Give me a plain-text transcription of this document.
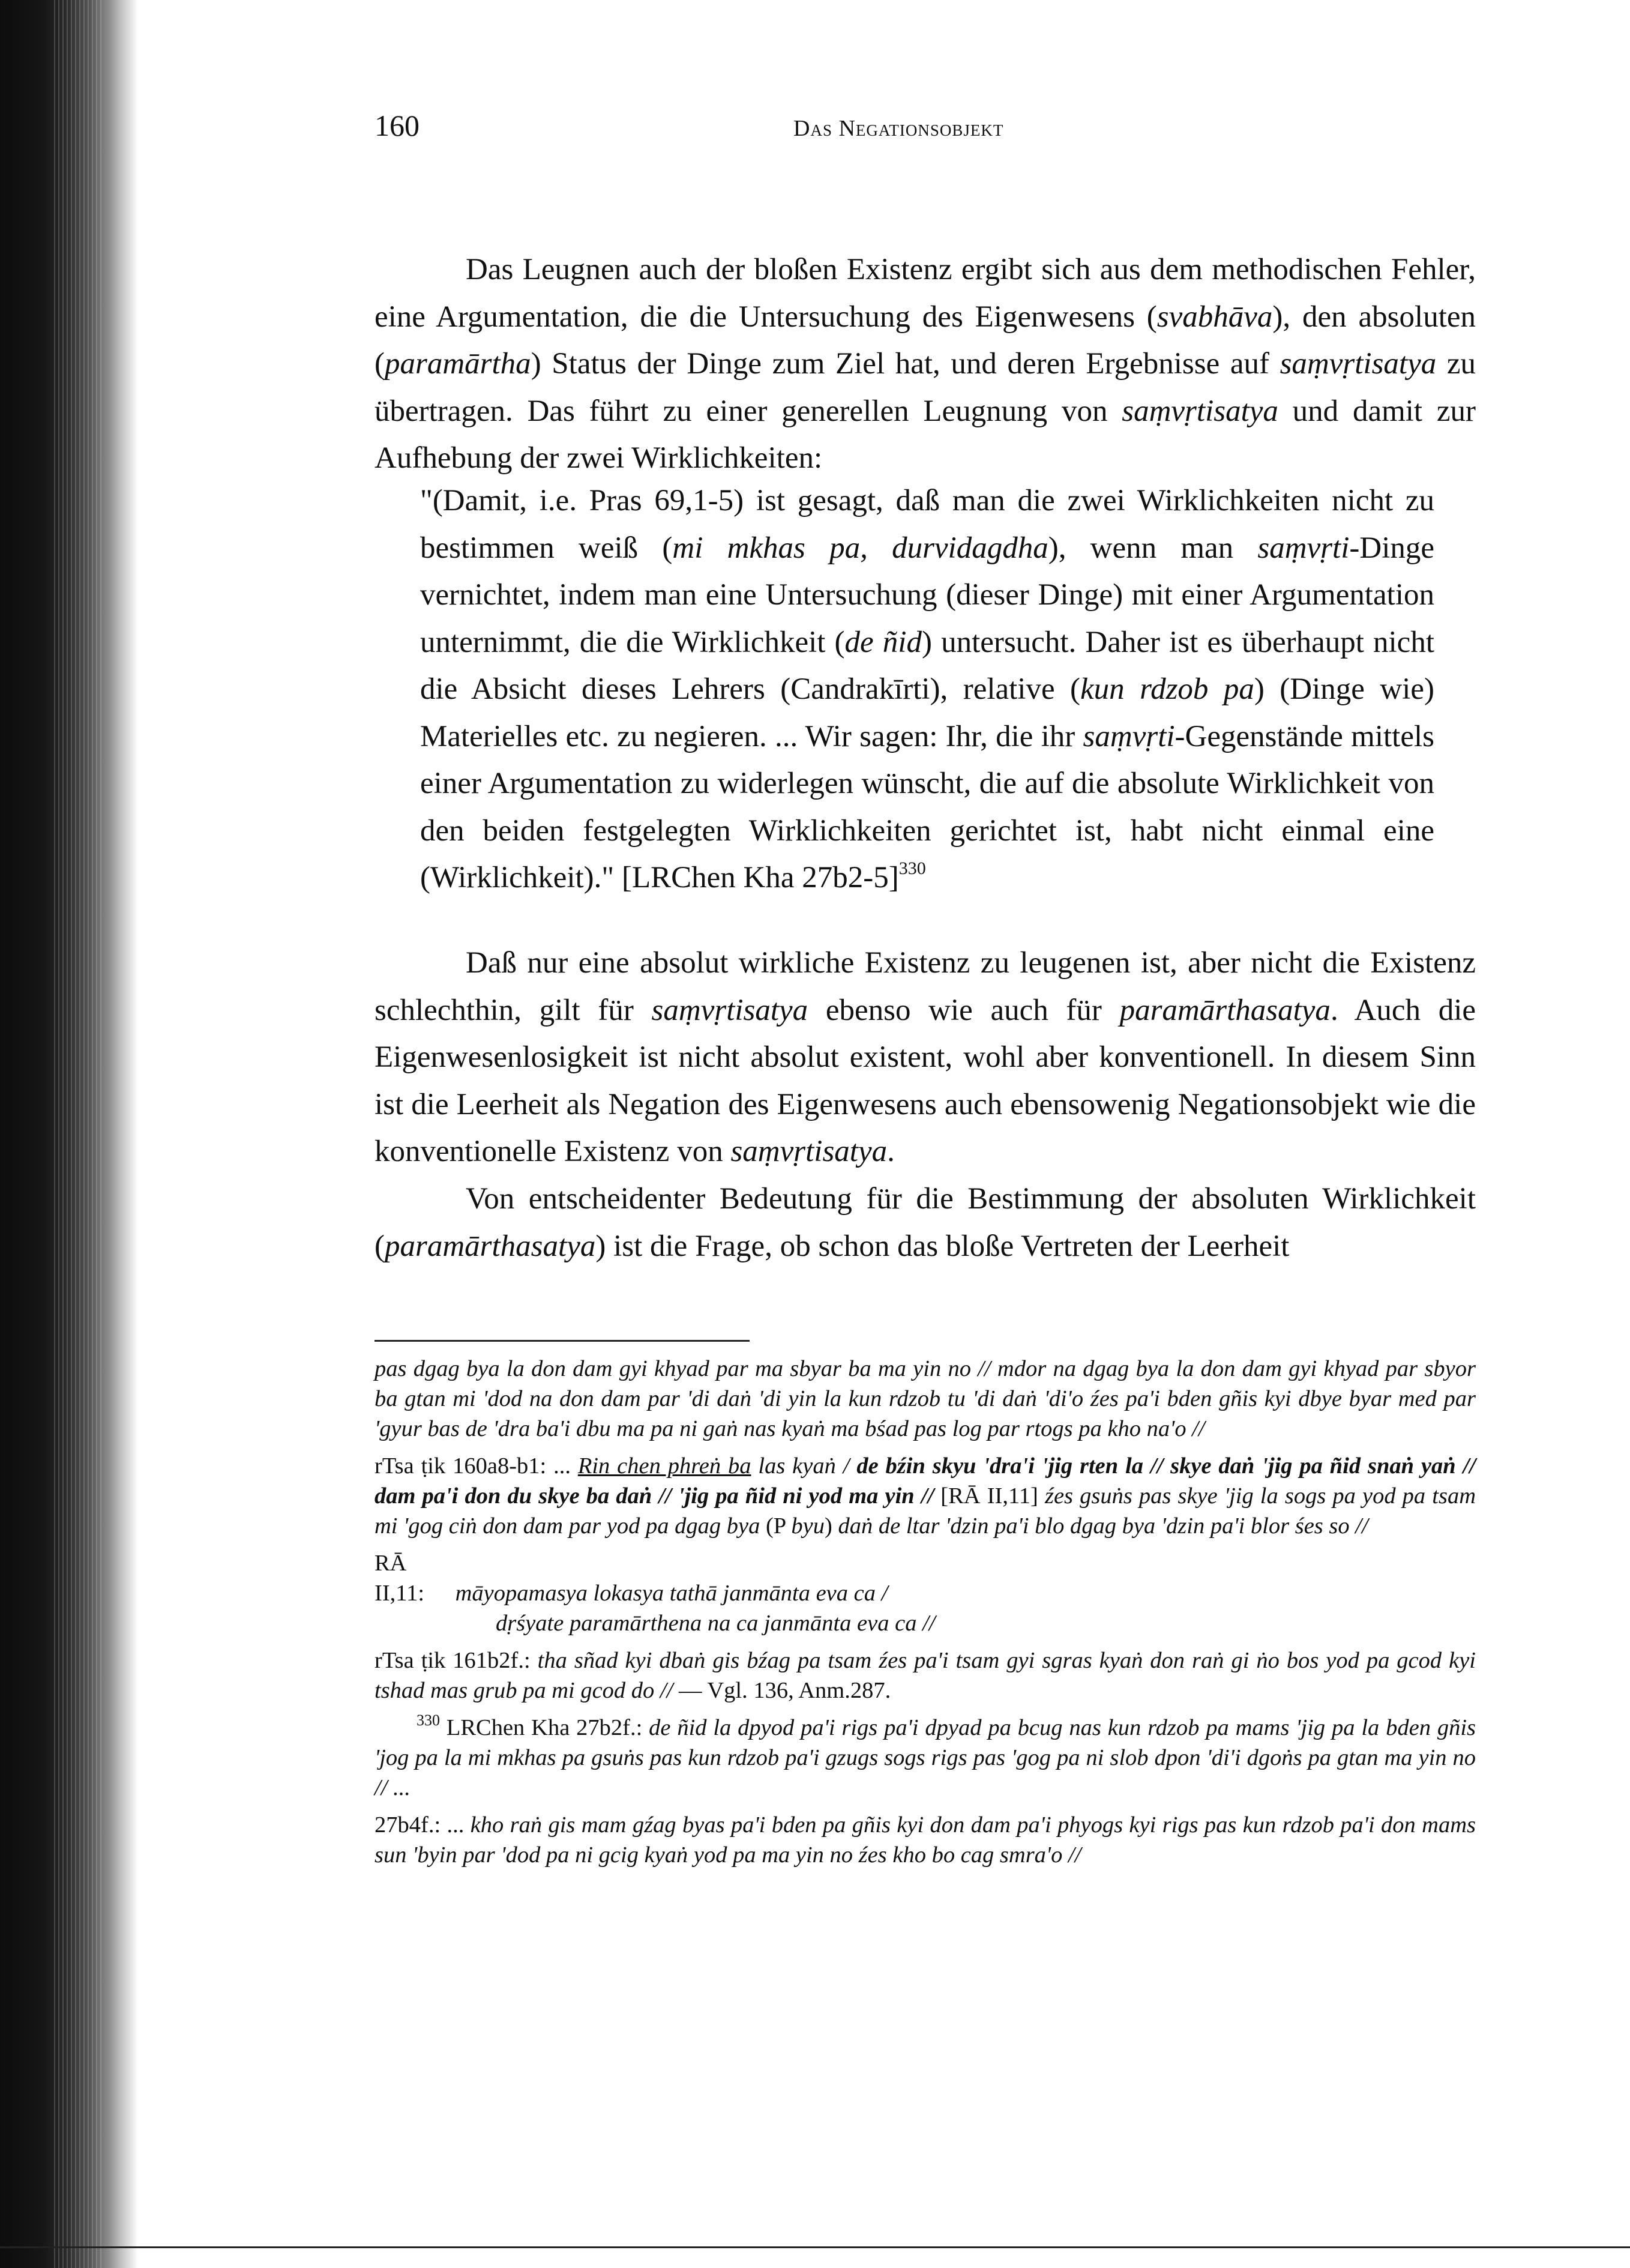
160	Das Negationsobjekt

Das Leugnen auch der bloßen Existenz ergibt sich aus dem methodischen Fehler, eine Argumentation, die die Untersuchung des Eigenwesens (svabhāva), den absoluten (paramārtha) Status der Dinge zum Ziel hat, und deren Ergebnisse auf saṃvṛtisatya zu übertragen. Das führt zu einer generellen Leugnung von saṃvṛtisatya und damit zur Aufhebung der zwei Wirklichkeiten:

"(Damit, i.e. Pras 69,1-5) ist gesagt, daß man die zwei Wirklichkeiten nicht zu bestimmen weiß (mi mkhas pa, durvidagdha), wenn man saṃvṛti-Dinge vernichtet, indem man eine Untersuchung (dieser Dinge) mit einer Argumentation unternimmt, die die Wirklichkeit (de ñid) untersucht. Daher ist es überhaupt nicht die Absicht dieses Lehrers (Candrakīrti), relative (kun rdzob pa) (Dinge wie) Materielles etc. zu negieren. ... Wir sagen: Ihr, die ihr saṃvṛti-Gegenstände mittels einer Argumentation zu widerlegen wünscht, die auf die absolute Wirklichkeit von den beiden festgelegten Wirklichkeiten gerichtet ist, habt nicht einmal eine (Wirklichkeit)." [LRChen Kha 27b2-5]$^{330}$

Daß nur eine absolut wirkliche Existenz zu leugenen ist, aber nicht die Existenz schlechthin, gilt für saṃvṛtisatya ebenso wie auch für paramārthasatya. Auch die Eigenwesenlosigkeit ist nicht absolut existent, wohl aber konventionell. In diesem Sinn ist die Leerheit als Negation des Eigenwesens auch ebensowenig Negationsobjekt wie die konventionelle Existenz von saṃvṛtisatya.

Von entscheidenter Bedeutung für die Bestimmung der absoluten Wirklichkeit (paramārthasatya) ist die Frage, ob schon das bloße Vertreten der Leerheit

pas dgag bya la don dam gyi khyad par ma sbyar ba ma yin no // mdor na dgag bya la don dam gyi khyad par sbyor ba gtan mi 'dod na don dam par 'di daṅ 'di yin la kun rdzob tu 'di daṅ 'di'o źes pa'i bden gñis kyi dbye byar med par 'gyur bas de 'dra ba'i dbu ma pa ni gaṅ nas kyaṅ ma bśad pas log par rtogs pa kho na'o //

rTsa ṭik 160a8-b1: ... Rin chen phreṅ ba las kyaṅ / de bźin skyu 'dra'i 'jig rten la // skye daṅ 'jig pa ñid snaṅ yaṅ // dam pa'i don du skye ba daṅ // 'jig pa ñid ni yod ma yin // [RĀ II,11] źes gsuṅs pas skye 'jig la sogs pa yod pa tsam mi 'gog ciṅ don dam par yod pa dgag bya (P byu) daṅ de ltar 'dzin pa'i blo dgag bya 'dzin pa'i blor śes so //

RĀ II,11: māyopamasya lokasya tathā janmānta eva ca /
dṛśyate paramārthena na ca janmānta eva ca //

rTsa ṭik 161b2f.: tha sñad kyi dbaṅ gis bźag pa tsam źes pa'i tsam gyi sgras kyaṅ don raṅ gi ṅo bos yod pa gcod kyi tshad mas grub pa mi gcod do // — Vgl. 136, Anm.287.

$^{330}$ LRChen Kha 27b2f.: de ñid la dpyod pa'i rigs pa'i dpyad pa bcug nas kun rdzob pa mams 'jig pa la bden gñis 'jog pa la mi mkhas pa gsuṅs pas kun rdzob pa'i gzugs sogs rigs pas 'gog pa ni slob dpon 'di'i dgoṅs pa gtan ma yin no // ...

27b4f.: ... kho raṅ gis mam gźag byas pa'i bden pa gñis kyi don dam pa'i phyogs kyi rigs pas kun rdzob pa'i don mams sun 'byin par 'dod pa ni gcig kyaṅ yod pa ma yin no źes kho bo cag smra'o //
